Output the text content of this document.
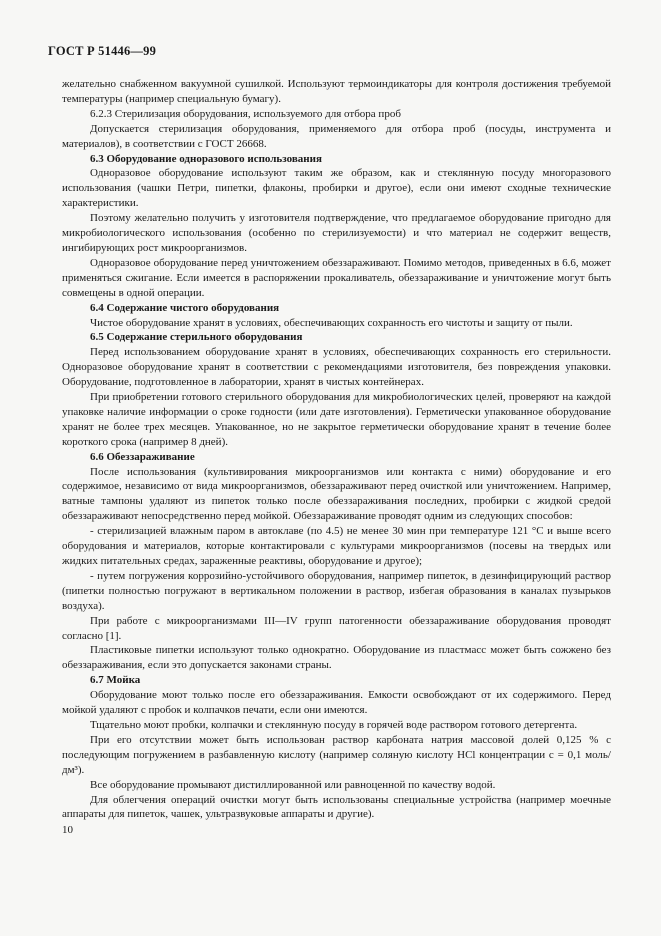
ГОСТ Р 51446—99

желательно снабженном вакуумной сушилкой. Используют термоиндикаторы для контроля достижения требуемой температуры (например специальную бумагу).

6.2.3 Стерилизация оборудования, используемого для отбора проб

Допускается стерилизация оборудования, применяемого для отбора проб (посуды, инструмента и материалов), в соответствии с ГОСТ 26668.

6.3 Оборудование одноразового использования

Одноразовое оборудование используют таким же образом, как и стеклянную посуду многоразового использования (чашки Петри, пипетки, флаконы, пробирки и другое), если они имеют сходные технические характеристики.

Поэтому желательно получить у изготовителя подтверждение, что предлагаемое оборудование пригодно для микробиологического использования (особенно по стерилизуемости) и что материал не содержит веществ, ингибирующих рост микроорганизмов.

Одноразовое оборудование перед уничтожением обеззараживают. Помимо методов, приведенных в 6.6, может применяться сжигание. Если имеется в распоряжении прокаливатель, обеззараживание и уничтожение могут быть совмещены в одной операции.

6.4 Содержание чистого оборудования

Чистое оборудование хранят в условиях, обеспечивающих сохранность его чистоты и защиту от пыли.

6.5 Содержание стерильного оборудования

Перед использованием оборудование хранят в условиях, обеспечивающих сохранность его стерильности. Одноразовое оборудование хранят в соответствии с рекомендациями изготовителя, без повреждения упаковки. Оборудование, подготовленное в лаборатории, хранят в чистых контейнерах.

При приобретении готового стерильного оборудования для микробиологических целей, проверяют на каждой упаковке наличие информации о сроке годности (или дате изготовления). Герметически упакованное оборудование хранят не более трех месяцев. Упакованное, но не закрытое герметически оборудование хранят в течение более короткого срока (например 8 дней).

6.6 Обеззараживание

После использования (культивирования микроорганизмов или контакта с ними) оборудование и его содержимое, независимо от вида микроорганизмов, обеззараживают перед очисткой или уничтожением. Например, ватные тампоны удаляют из пипеток только после обеззараживания последних, пробирки с жидкой средой обеззараживают непосредственно перед мойкой. Обеззараживание проводят одним из следующих способов:

- стерилизацией влажным паром в автоклаве (по 4.5) не менее 30 мин при температуре 121 °С и выше всего оборудования и материалов, которые контактировали с культурами микроорганизмов (посевы на твердых или жидких питательных средах, зараженные реактивы, оборудование и другое);

- путем погружения коррозийно-устойчивого оборудования, например пипеток, в дезинфицирующий раствор (пипетки полностью погружают в вертикальном положении в раствор, избегая образования в каналах пузырьков воздуха).

При работе с микроорганизмами III—IV групп патогенности обеззараживание оборудования проводят согласно [1].

Пластиковые пипетки используют только однократно. Оборудование из пластмасс может быть сожжено без обеззараживания, если это допускается законами страны.

6.7 Мойка

Оборудование моют только после его обеззараживания. Емкости освобождают от их содержимого. Перед мойкой удаляют с пробок и колпачков печати, если они имеются.

Тщательно моют пробки, колпачки и стеклянную посуду в горячей воде раствором готового детергента.

При его отсутствии может быть использован раствор карбоната натрия массовой долей 0,125 % с последующим погружением в разбавленную кислоту (например соляную кислоту HCl концентрации c = 0,1 моль/дм³).

Все оборудование промывают дистиллированной или равноценной по качеству водой.

Для облегчения операций очистки могут быть использованы специальные устройства (например моечные аппараты для пипеток, чашек, ультразвуковые аппараты и другие).

10
